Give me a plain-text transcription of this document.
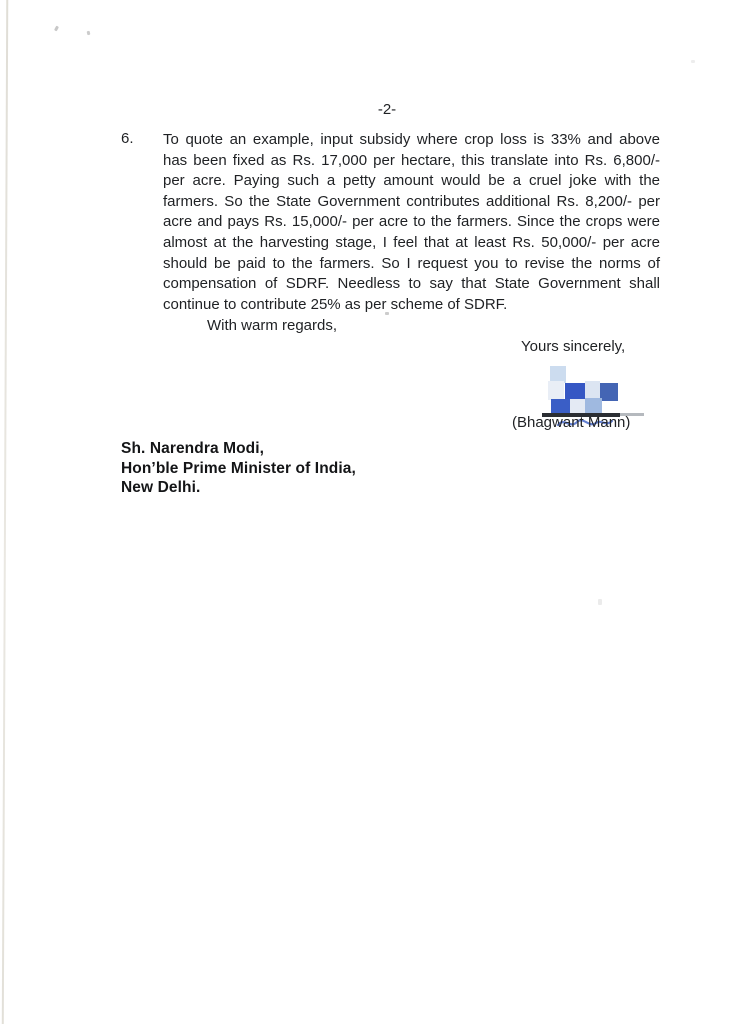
-2-
6. To quote an example, input subsidy where crop loss is 33% and above
has been fixed as Rs. 17,000 per hectare, this translate into Rs. 6,800/-
per acre. Paying such a petty amount would be a cruel joke with the
farmers. So the State Government contributes additional Rs. 8,200/- per
acre and pays Rs. 15,000/- per acre to the farmers. Since the crops were
almost at the harvesting stage, I feel that at least Rs. 50,000/- per acre
should be paid to the farmers. So I request you to revise the norms of
compensation of SDRF. Needless to say that State Government shall
continue to contribute 25% as per scheme of SDRF.
With warm regards,
Yours sincerely,
(Bhagwant Mann)
Sh. Narendra Modi,
Hon’ble Prime Minister of India,
New Delhi.
